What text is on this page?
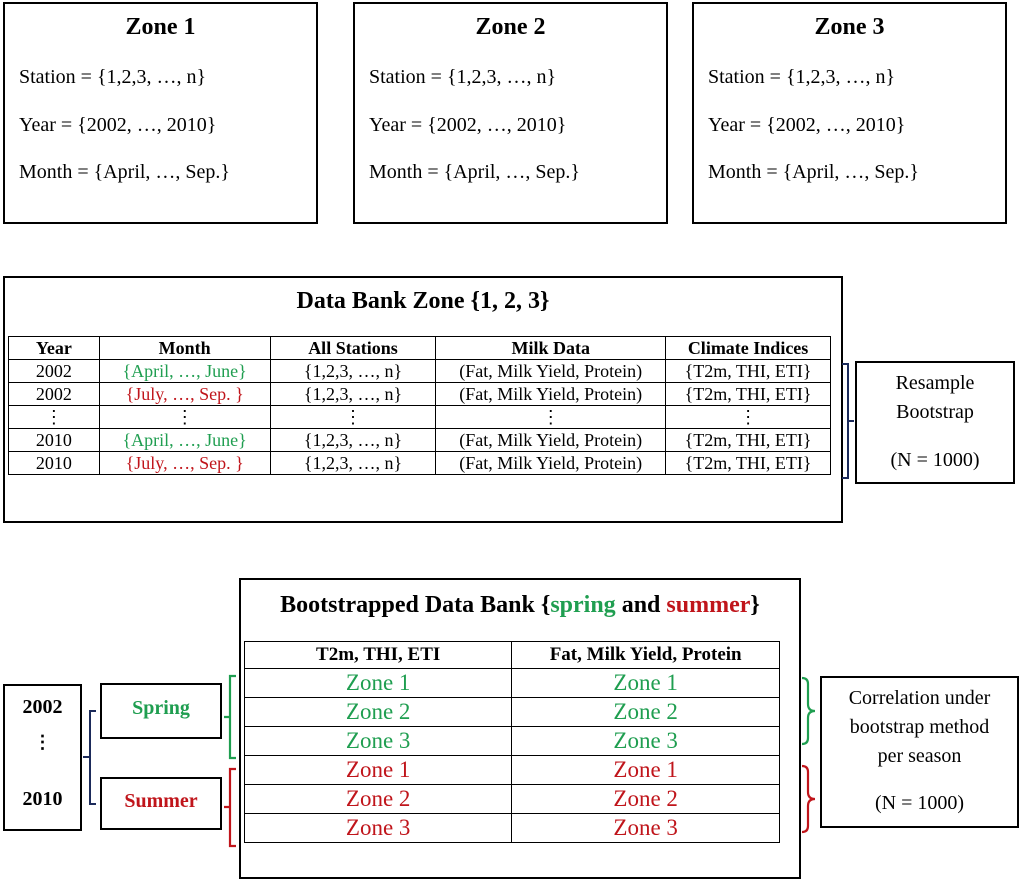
Zone 1
Station = {1,2,3, …, n}
Year = {2002, …, 2010}
Month = {April, …, Sep.}
Zone 2
Station = {1,2,3, …, n}
Year = {2002, …, 2010}
Month = {April, …, Sep.}
Zone 3
Station = {1,2,3, …, n}
Year = {2002, …, 2010}
Month = {April, …, Sep.}
Data Bank Zone {1, 2, 3}
Year	Month	All Stations	Milk Data	Climate Indices
2002	{April, …, June}	{1,2,3, …, n}	(Fat, Milk Yield, Protein)	{T2m, THI, ETI}
2002	{July, …, Sep. }	{1,2,3, …, n}	(Fat, Milk Yield, Protein)	{T2m, THI, ETI}
⋮	⋮	⋮	⋮	⋮
2010	{April, …, June}	{1,2,3, …, n}	(Fat, Milk Yield, Protein)	{T2m, THI, ETI}
2010	{July, …, Sep. }	{1,2,3, …, n}	(Fat, Milk Yield, Protein)	{T2m, THI, ETI}
Resample
Bootstrap
(N = 1000)
Bootstrapped Data Bank {spring and summer}
T2m, THI, ETI	Fat, Milk Yield, Protein
Zone 1	Zone 1
Zone 2	Zone 2
Zone 3	Zone 3
Zone 1	Zone 1
Zone 2	Zone 2
Zone 3	Zone 3
2002
⋮
2010
Spring
Summer
Correlation under
bootstrap method
per season
(N = 1000)
